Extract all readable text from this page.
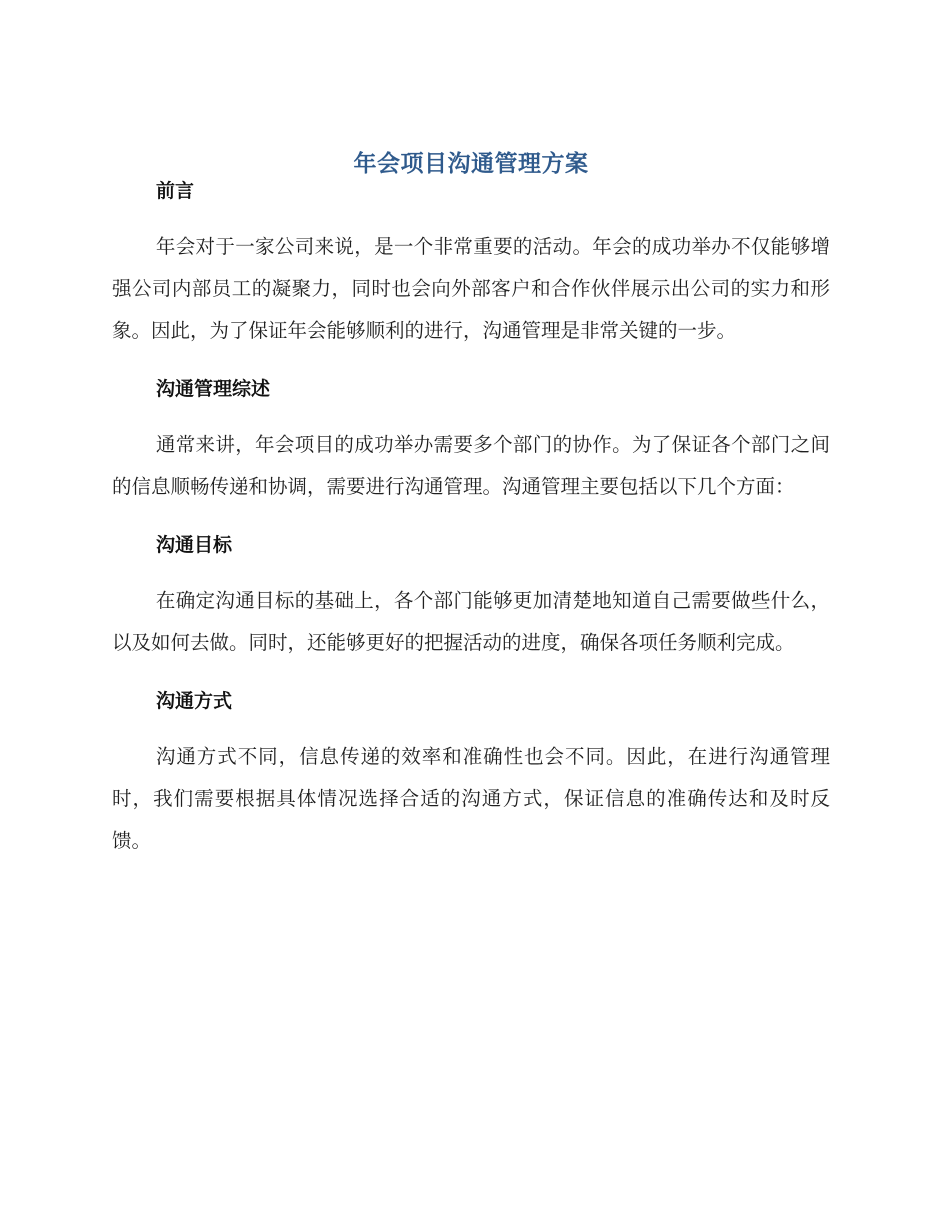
年会项目沟通管理方案
前言

年会对于一家公司来说，是一个非常重要的活动。年会的成功举办不仅能够增强公司内部员工的凝聚力，同时也会向外部客户和合作伙伴展示出公司的实力和形象。因此，为了保证年会能够顺利的进行，沟通管理是非常关键的一步。

沟通管理综述

通常来讲，年会项目的成功举办需要多个部门的协作。为了保证各个部门之间的信息顺畅传递和协调，需要进行沟通管理。沟通管理主要包括以下几个方面：

沟通目标

在确定沟通目标的基础上，各个部门能够更加清楚地知道自己需要做些什么，以及如何去做。同时，还能够更好的把握活动的进度，确保各项任务顺利完成。

沟通方式

沟通方式不同，信息传递的效率和准确性也会不同。因此，在进行沟通管理时，我们需要根据具体情况选择合适的沟通方式，保证信息的准确传达和及时反馈。
